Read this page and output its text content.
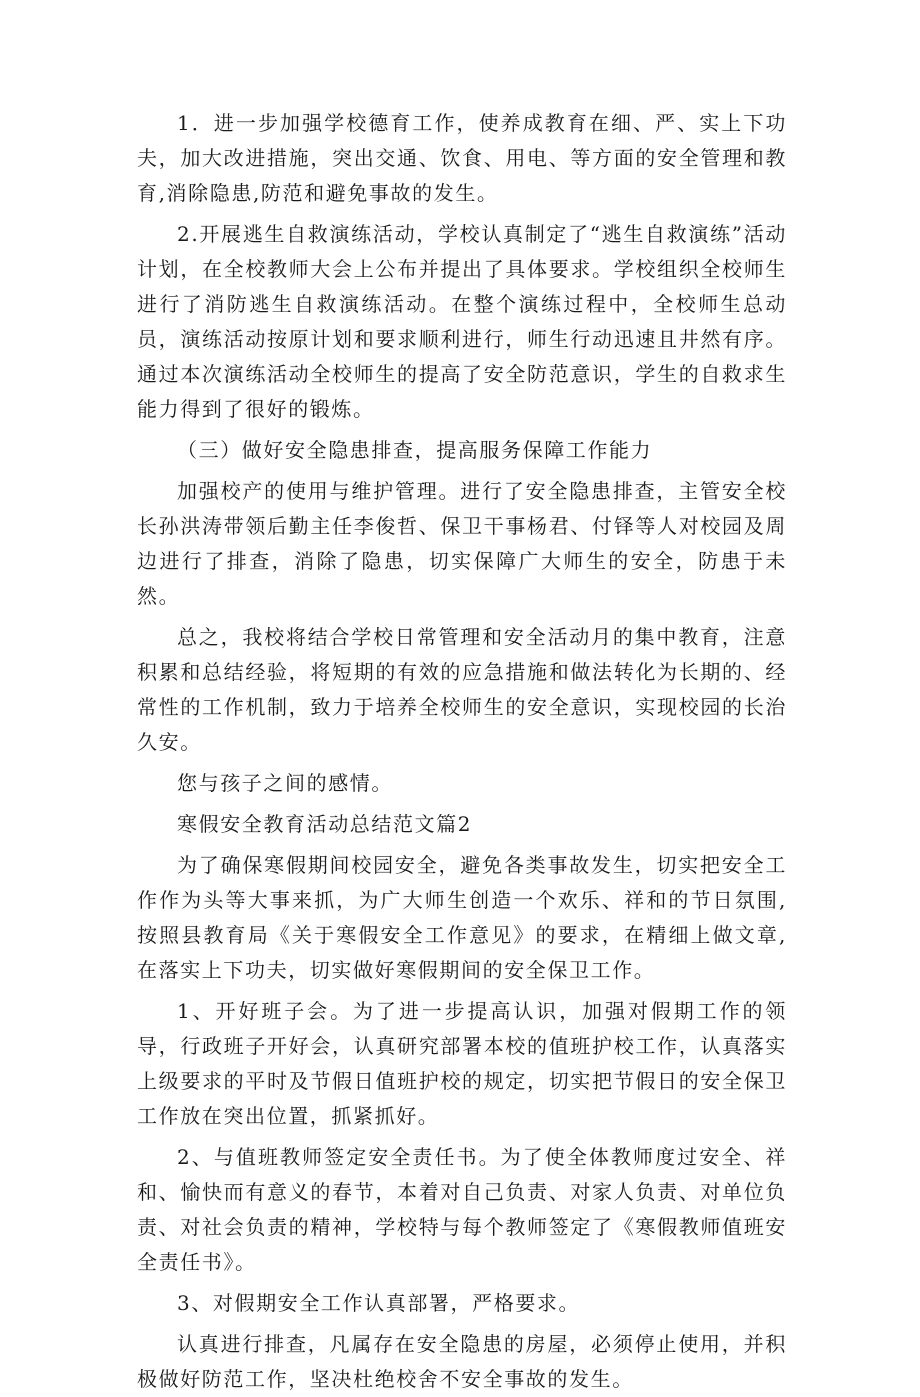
1．进一步加强学校德育工作，使养成教育在细、严、实上下功夫，加大改进措施，突出交通、饮食、用电、等方面的安全管理和教育,消除隐患,防范和避免事故的发生。

2.开展逃生自救演练活动，学校认真制定了“逃生自救演练”活动计划，在全校教师大会上公布并提出了具体要求。学校组织全校师生进行了消防逃生自救演练活动。在整个演练过程中，全校师生总动员，演练活动按原计划和要求顺利进行，师生行动迅速且井然有序。通过本次演练活动全校师生的提高了安全防范意识，学生的自救求生能力得到了很好的锻炼。

（三）做好安全隐患排查，提高服务保障工作能力

加强校产的使用与维护管理。进行了安全隐患排查，主管安全校长孙洪涛带领后勤主任李俊哲、保卫干事杨君、付铎等人对校园及周边进行了排查，消除了隐患，切实保障广大师生的安全，防患于未然。

总之，我校将结合学校日常管理和安全活动月的集中教育，注意积累和总结经验，将短期的有效的应急措施和做法转化为长期的、经常性的工作机制，致力于培养全校师生的安全意识，实现校园的长治久安。

您与孩子之间的感情。

寒假安全教育活动总结范文篇2

为了确保寒假期间校园安全，避免各类事故发生，切实把安全工作作为头等大事来抓，为广大师生创造一个欢乐、祥和的节日氛围,按照县教育局《关于寒假安全工作意见》的要求，在精细上做文章,在落实上下功夫，切实做好寒假期间的安全保卫工作。

1、开好班子会。为了进一步提高认识，加强对假期工作的领导，行政班子开好会，认真研究部署本校的值班护校工作，认真落实上级要求的平时及节假日值班护校的规定，切实把节假日的安全保卫工作放在突出位置，抓紧抓好。

2、与值班教师签定安全责任书。为了使全体教师度过安全、祥和、愉快而有意义的春节，本着对自己负责、对家人负责、对单位负责、对社会负责的精神，学校特与每个教师签定了《寒假教师值班安全责任书》。

3、对假期安全工作认真部署，严格要求。

认真进行排查，凡属存在安全隐患的房屋，必须停止使用，并积极做好防范工作，坚决杜绝校舍不安全事故的发生。
